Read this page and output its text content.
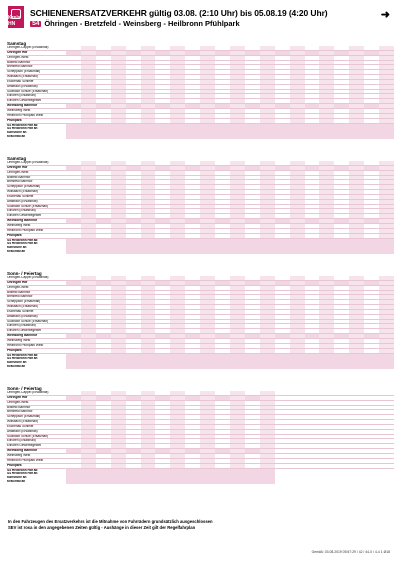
Kreis HN
SCHIENENERSATZVERKEHR gültig 03.08. (2:10 Uhr) bis 05.08.19 (4:20 Uhr)
S4 Öhringen - Bretzfeld - Weinsberg - Heilbronn Pfühlpark
➜
Samstag
Öhringen-Cappel (Ersatzhalt)
Öhringen Hbf
Öhringen-West
Bitzfeld Bahnhof
Bretzfeld Bahnhof
Scheppach (Ersatzhalt)
Willsbach (Ersatzhalt)
Eschenau Schleife
Affaltrach (Ersatzhalt)
Sülzbach Schule (Ersatzhalt)
Ellhofen (Ersatzhalt)
Ellhofen Gewerbegebiet
Weinsberg Bahnhof
Weinsberg West
Heilbronn Pfühlpark West
Pfühlpark
S4 Heilbronn Hbf ab
S4 Heilbronn Hbf an
Karlsruhe an
Kraichtal an
Samstag
Öhringen-Cappel (Ersatzhalt)
Öhringen Hbf
Öhringen-West
Bitzfeld Bahnhof
Bretzfeld Bahnhof
Scheppach (Ersatzhalt)
Willsbach (Ersatzhalt)
Eschenau Schleife
Affaltrach (Ersatzhalt)
Sülzbach Schule (Ersatzhalt)
Ellhofen (Ersatzhalt)
Ellhofen Gewerbegebiet
Weinsberg Bahnhof
Weinsberg West
Heilbronn Pfühlpark West
Pfühlpark
S4 Heilbronn Hbf ab
S4 Heilbronn Hbf an
Karlsruhe an
Kraichtal an
Sonn- / Feiertag
Öhringen-Cappel (Ersatzhalt)
Öhringen Hbf
Öhringen-West
Bitzfeld Bahnhof
Bretzfeld Bahnhof
Scheppach (Ersatzhalt)
Willsbach (Ersatzhalt)
Eschenau Schleife
Affaltrach (Ersatzhalt)
Sülzbach Schule (Ersatzhalt)
Ellhofen (Ersatzhalt)
Ellhofen Gewerbegebiet
Weinsberg Bahnhof
Weinsberg West
Heilbronn Pfühlpark West
Pfühlpark
S4 Heilbronn Hbf ab
S4 Heilbronn Hbf an
Karlsruhe an
Kraichtal an
Sonn- / Feiertag
Öhringen-Cappel (Ersatzhalt)
Öhringen Hbf
Öhringen-West
Bitzfeld Bahnhof
Bretzfeld Bahnhof
Scheppach (Ersatzhalt)
Willsbach (Ersatzhalt)
Eschenau Schleife
Affaltrach (Ersatzhalt)
Sülzbach Schule (Ersatzhalt)
Ellhofen (Ersatzhalt)
Ellhofen Gewerbegebiet
Weinsberg Bahnhof
Weinsberg West
Heilbronn Pfühlpark West
Pfühlpark
S4 Heilbronn Hbf ab
S4 Heilbronn Hbf an
Karlsruhe an
Kraichtal an
In den Fahrzeugen des Ersatzverkehrs ist die Mitnahme von Fahrrädern grundsätzlich ausgeschlossen
SEV ist rosa in den angegebenen Zeiten gültig - Aushänge in dieser Zeit gilt der Regelfahrplan
Gemäß: 03.08.2019 05:57:29 / 42 / 44-0 / 4-4 1 Ø18
